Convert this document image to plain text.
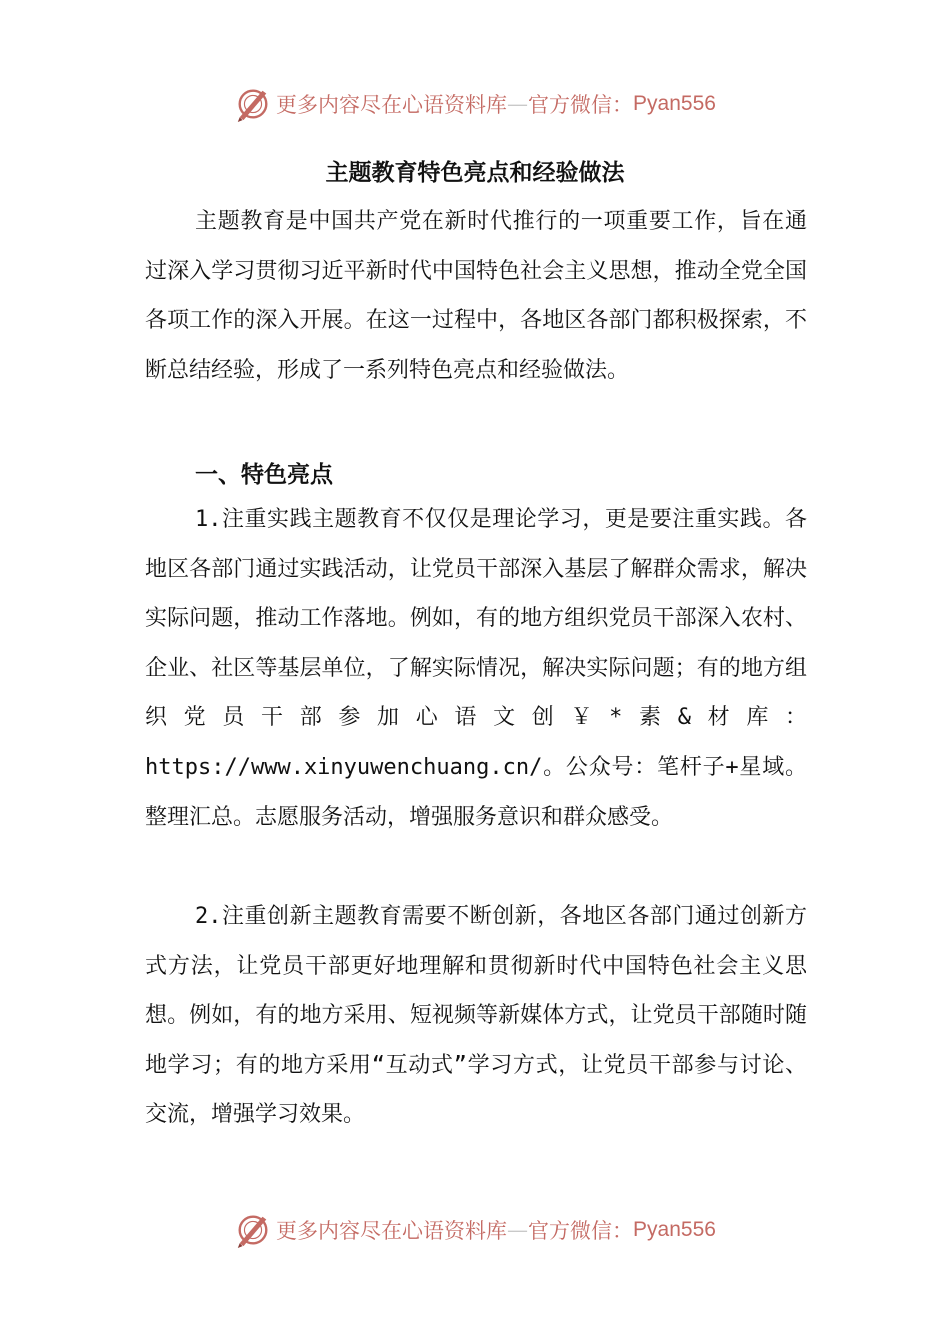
更多内容尽在心语资料库 — 官方微信： Pyan556
主题教育特色亮点和经验做法
主题教育是中国共产党在新时代推行的一项重要工作，旨在通过深入学习贯彻习近平新时代中国特色社会主义思想，推动全党全国各项工作的深入开展。在这一过程中，各地区各部门都积极探索，不断总结经验，形成了一系列特色亮点和经验做法。
一、特色亮点
1.注重实践主题教育不仅仅是理论学习，更是要注重实践。各地区各部门通过实践活动，让党员干部深入基层了解群众需求，解决实际问题，推动工作落地。例如，有的地方组织党员干部深入农村、企业、社区等基层单位，了解实际情况，解决实际问题；有的地方组织党员干部参加心语文创￥*素&材库：https://www.xinyuwenchuang.cn/。公众号：笔杆子+星域。整理汇总。志愿服务活动，增强服务意识和群众感受。
2.注重创新主题教育需要不断创新，各地区各部门通过创新方式方法，让党员干部更好地理解和贯彻新时代中国特色社会主义思想。例如，有的地方采用、短视频等新媒体方式，让党员干部随时随地学习；有的地方采用“互动式”学习方式，让党员干部参与讨论、交流，增强学习效果。
更多内容尽在心语资料库 — 官方微信： Pyan556
